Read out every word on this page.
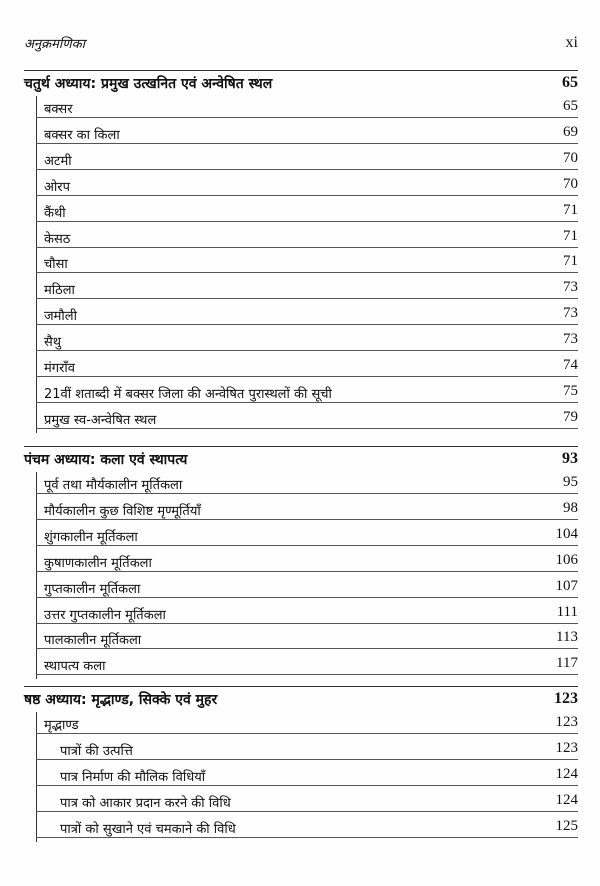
अनुक्रमणिका	xi
चतुर्थ अध्याय: प्रमुख उत्खनित एवं अन्वेषित स्थल	65
बक्सर	65
बक्सर का किला	69
अटमी	70
ओरप	70
कैंथी	71
केसठ	71
चौसा	71
मठिला	73
जमौली	73
सैथु	73
मंगराँव	74
21वीं शताब्दी में बक्सर जिला की अन्वेषित पुरास्थलों की सूची	75
प्रमुख स्व-अन्वेषित स्थल	79
पंचम अध्याय: कला एवं स्थापत्य	93
पूर्व तथा मौर्यकालीन मूर्तिकला	95
मौर्यकालीन कुछ विशिष्ट मृण्मूर्तियाँ	98
शुंगकालीन मूर्तिकला	104
कुषाणकालीन मूर्तिकला	106
गुप्तकालीन मूर्तिकला	107
उत्तर गुप्तकालीन मूर्तिकला	111
पालकालीन मूर्तिकला	113
स्थापत्य कला	117
षष्ठ अध्याय: मृद्भाण्ड, सिक्के एवं मुहर	123
मृद्भाण्ड	123
पात्रों की उत्पत्ति	123
पात्र निर्माण की मौलिक विधियाँ	124
पात्र को आकार प्रदान करने की विधि	124
पात्रों को सुखाने एवं चमकाने की विधि	125
